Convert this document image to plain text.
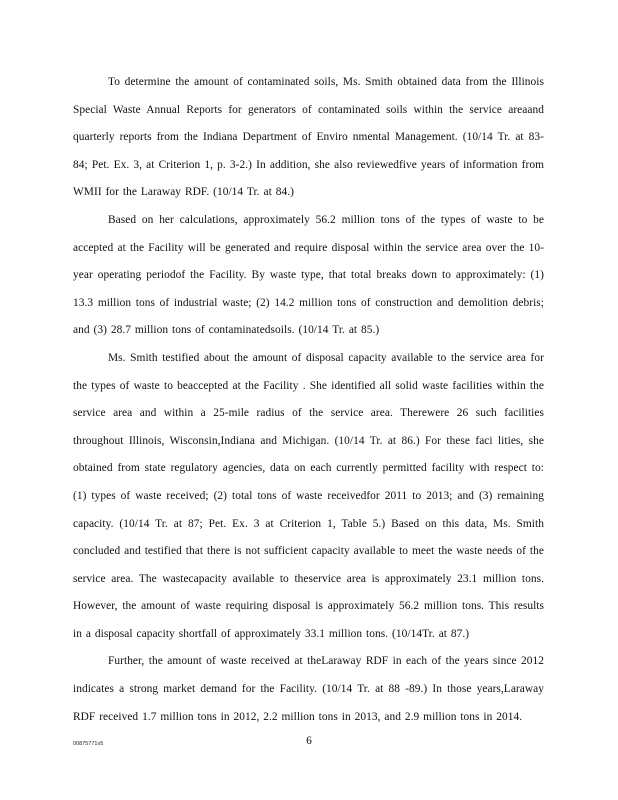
To determine the amount of contaminated soils, Ms. Smith obtained data from the Illinois Special Waste Annual Reports for generators of contaminated soils within the service areaand quarterly reports from the Indiana Department of Enviro nmental Management. (10/14 Tr. at 83-84; Pet. Ex. 3, at Criterion 1, p. 3-2.) In addition, she also reviewedfive years of information from WMII for the Laraway RDF. (10/14 Tr. at 84.)

Based on her calculations, approximately 56.2 million tons of the types of waste to be accepted at the Facility will be generated and require disposal within the service area over the 10-year operating periodof the Facility. By waste type, that total breaks down to approximately: (1) 13.3 million tons of industrial waste; (2) 14.2 million tons of construction and demolition debris; and (3) 28.7 million tons of contaminatedsoils. (10/14 Tr. at 85.)

Ms. Smith testified about the amount of disposal capacity available to the service area for the types of waste to beaccepted at the Facility . She identified all solid waste facilities within the service area and within a 25-mile radius of the service area. Therewere 26 such facilities throughout Illinois, Wisconsin,Indiana and Michigan. (10/14 Tr. at 86.) For these faci lities, she obtained from state regulatory agencies, data on each currently permitted facility with respect to: (1) types of waste received; (2) total tons of waste receivedfor 2011 to 2013; and (3) remaining capacity. (10/14 Tr. at 87; Pet. Ex. 3 at Criterion 1, Table 5.) Based on this data, Ms. Smith concluded and testified that there is not sufficient capacity available to meet the waste needs of the service area. The wastecapacity available to theservice area is approximately 23.1 million tons. However, the amount of waste requiring disposal is approximately 56.2 million tons. This results in a disposal capacity shortfall of approximately 33.1 million tons. (10/14Tr. at 87.)

Further, the amount of waste received at theLaraway RDF in each of the years since 2012 indicates a strong market demand for the Facility. (10/14 Tr. at 88 -89.) In those years,Laraway RDF received 1.7 million tons in 2012, 2.2 million tons in 2013, and 2.9 million tons in 2014.

00875771v5	6
